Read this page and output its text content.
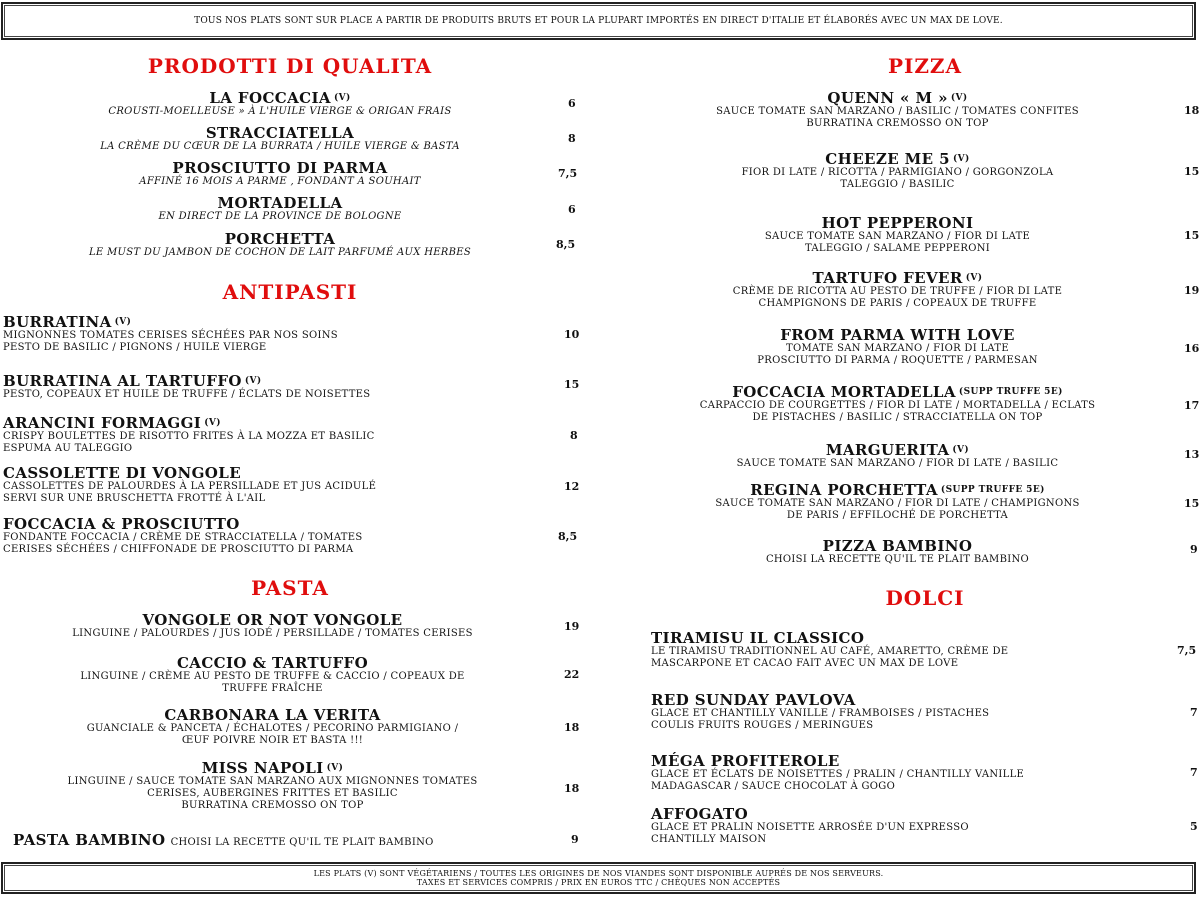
TOUS NOS PLATS SONT SUR PLACE A PARTIR DE PRODUITS BRUTS ET POUR LA PLUPART IMPORTÉS EN DIRECT D'ITALIE ET ÉLABORÉS AVEC UN MAX DE LOVE.
PRODOTTI DI QUALITA
LA FOCCACIA $^{(V)}$
CROUSTI-MOELLEUSE » À L'HUILE VIERGE & ORIGAN FRAIS
6
STRACCIATELLA
LA CRÈME DU CŒUR DE LA BURRATA / HUILE VIERGE & BASTA
8
PROSCIUTTO DI PARMA
AFFINÉ 16 MOIS A PARME , FONDANT A SOUHAIT
7,5
MORTADELLA
EN DIRECT DE LA PROVINCE DE BOLOGNE
6
PORCHETTA
LE MUST DU JAMBON DE COCHON DE LAIT PARFUMÉ AUX HERBES
8,5
ANTIPASTI
BURRATINA $^{(V)}$
MIGNONNES TOMATES CERISES SÉCHÉES PAR NOS SOINS
PESTO DE BASILIC / PIGNONS / HUILE VIERGE
10
BURRATINA AL TARTUFFO $^{(V)}$
PESTO, COPEAUX ET HUILE DE TRUFFE / ÉCLATS DE NOISETTES
15
ARANCINI FORMAGGI $^{(V)}$
CRISPY BOULETTES DE RISOTTO FRITES À LA MOZZA ET BASILIC
ESPUMA AU TALEGGIO
8
CASSOLETTE DI VONGOLE
CASSOLETTES DE PALOURDES À LA PERSILLADE ET JUS ACIDULÉ
SERVI SUR UNE BRUSCHETTA FROTTÉ À L'AIL
12
FOCCACIA & PROSCIUTTO
FONDANTE FOCCACIA / CRÈME DE STRACCIATELLA / TOMATES
CERISES SÉCHÉES / CHIFFONADE DE PROSCIUTTO DI PARMA
8,5
PASTA
VONGOLE OR NOT VONGOLE
LINGUINE / PALOURDES / JUS IODÉ / PERSILLADE / TOMATES CERISES
19
CACCIO & TARTUFFO
LINGUINE / CRÈME AU PESTO DE TRUFFE & CACCIO / COPEAUX DE
TRUFFE FRAÎCHE
22
CARBONARA LA VERITA
GUANCIALE & PANCETA / ÉCHALOTES / PECORINO PARMIGIANO /
ŒUF POIVRE NOIR ET BASTA !!!
18
MISS NAPOLI $^{(V)}$
LINGUINE / SAUCE TOMATE SAN MARZANO AUX MIGNONNES TOMATES
CERISES, AUBERGINES FRITTES ET BASILIC
BURRATINA CREMOSSO ON TOP
18
PASTA BAMBINO CHOISI LA RECETTE QU'IL TE PLAIT BAMBINO	9
PIZZA
QUENN « M » $^{(V)}$
SAUCE TOMATE SAN MARZANO / BASILIC / TOMATES CONFITES
BURRATINA CREMOSSO ON TOP
18
CHEEZE ME 5 $^{(V)}$
FIOR DI LATE / RICOTTA / PARMIGIANO / GORGONZOLA
TALEGGIO / BASILIC
15
HOT PEPPERONI
SAUCE TOMATE SAN MARZANO / FIOR DI LATE
TALEGGIO / SALAME PEPPERONI
15
TARTUFO FEVER $^{(V)}$
CRÈME DE RICOTTA AU PESTO DE TRUFFE / FIOR DI LATE
CHAMPIGNONS DE PARIS / COPEAUX DE TRUFFE
19
FROM PARMA WITH LOVE
TOMATE SAN MARZANO / FIOR DI LATE
PROSCIUTTO DI PARMA / ROQUETTE / PARMESAN
16
FOCCACIA MORTADELLA $^{(SUPP TRUFFE 5E)}$
CARPACCIO DE COURGETTES / FIOR DI LATE / MORTADELLA / ECLATS
DE PISTACHES / BASILIC / STRACCIATELLA ON TOP
17
MARGUERITA $^{(V)}$
SAUCE TOMATE SAN MARZANO / FIOR DI LATE / BASILIC
13
REGINA PORCHETTA $^{(SUPP TRUFFE 5E)}$
SAUCE TOMATE SAN MARZANO / FIOR DI LATE / CHAMPIGNONS
DE PARIS / EFFILOCHÉ DE PORCHETTA
15
PIZZA BAMBINO
CHOISI LA RECETTE QU'IL TE PLAIT BAMBINO
9
DOLCI
TIRAMISU IL CLASSICO
LE TIRAMISU TRADITIONNEL AU CAFÉ, AMARETTO, CRÈME DE
MASCARPONE ET CACAO FAIT AVEC UN MAX DE LOVE
7,5
RED SUNDAY PAVLOVA
GLACE ET CHANTILLY VANILLE / FRAMBOISES / PISTACHES
COULIS FRUITS ROUGES / MERINGUES
7
MÉGA PROFITEROLE
GLACE ET ÉCLATS DE NOISETTES / PRALIN / CHANTILLY VANILLE
MADAGASCAR / SAUCE CHOCOLAT À GOGO
7
AFFOGATO
GLACE ET PRALIN NOISETTE ARROSÉE D'UN EXPRESSO
CHANTILLY MAISON
5
LES PLATS (V) SONT VÉGÉTARIENS / TOUTES LES ORIGINES DE NOS VIANDES SONT DISPONIBLE AUPRÉS DE NOS SERVEURS.
TAXES ET SERVICES COMPRIS / PRIX EN EUROS TTC / CHÈQUES NON ACCEPTÉS
